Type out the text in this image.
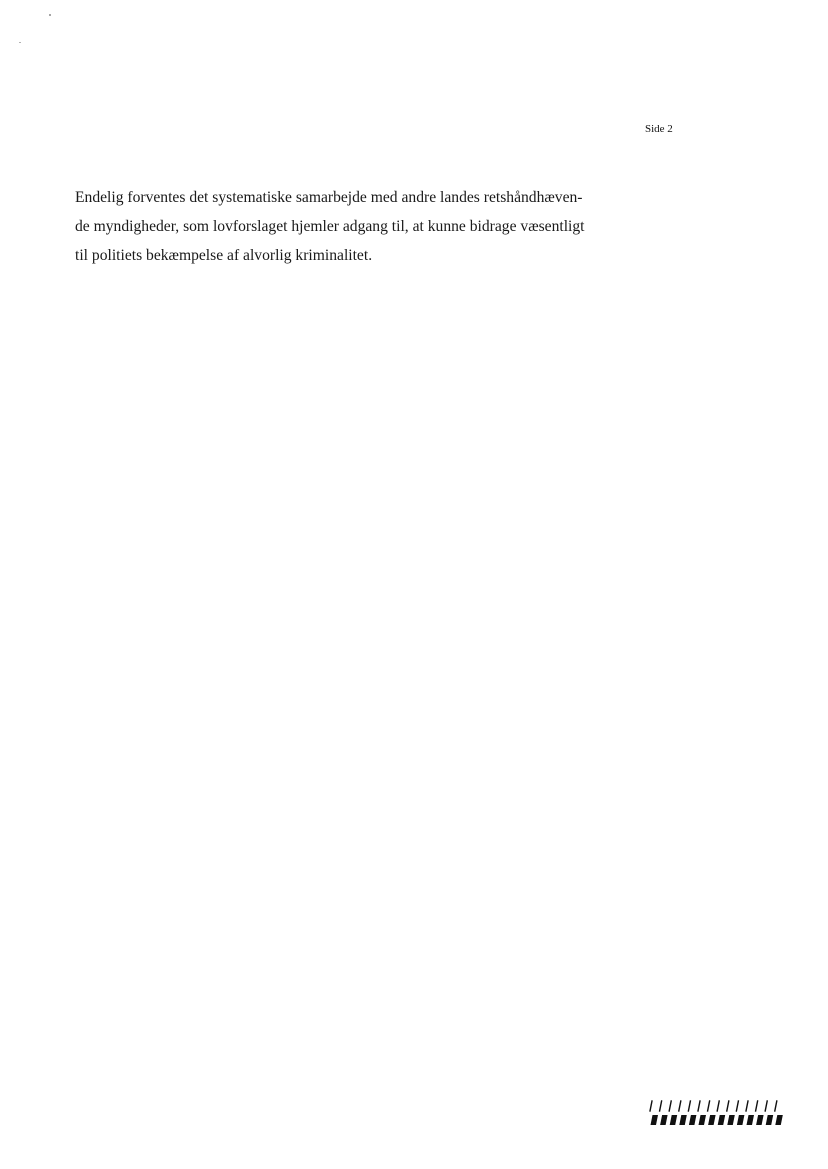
Side 2
Endelig forventes det systematiske samarbejde med andre landes retshåndhæven-
de myndigheder, som lovforslaget hjemler adgang til, at kunne bidrage væsentligt
til politiets bekæmpelse af alvorlig kriminalitet.
